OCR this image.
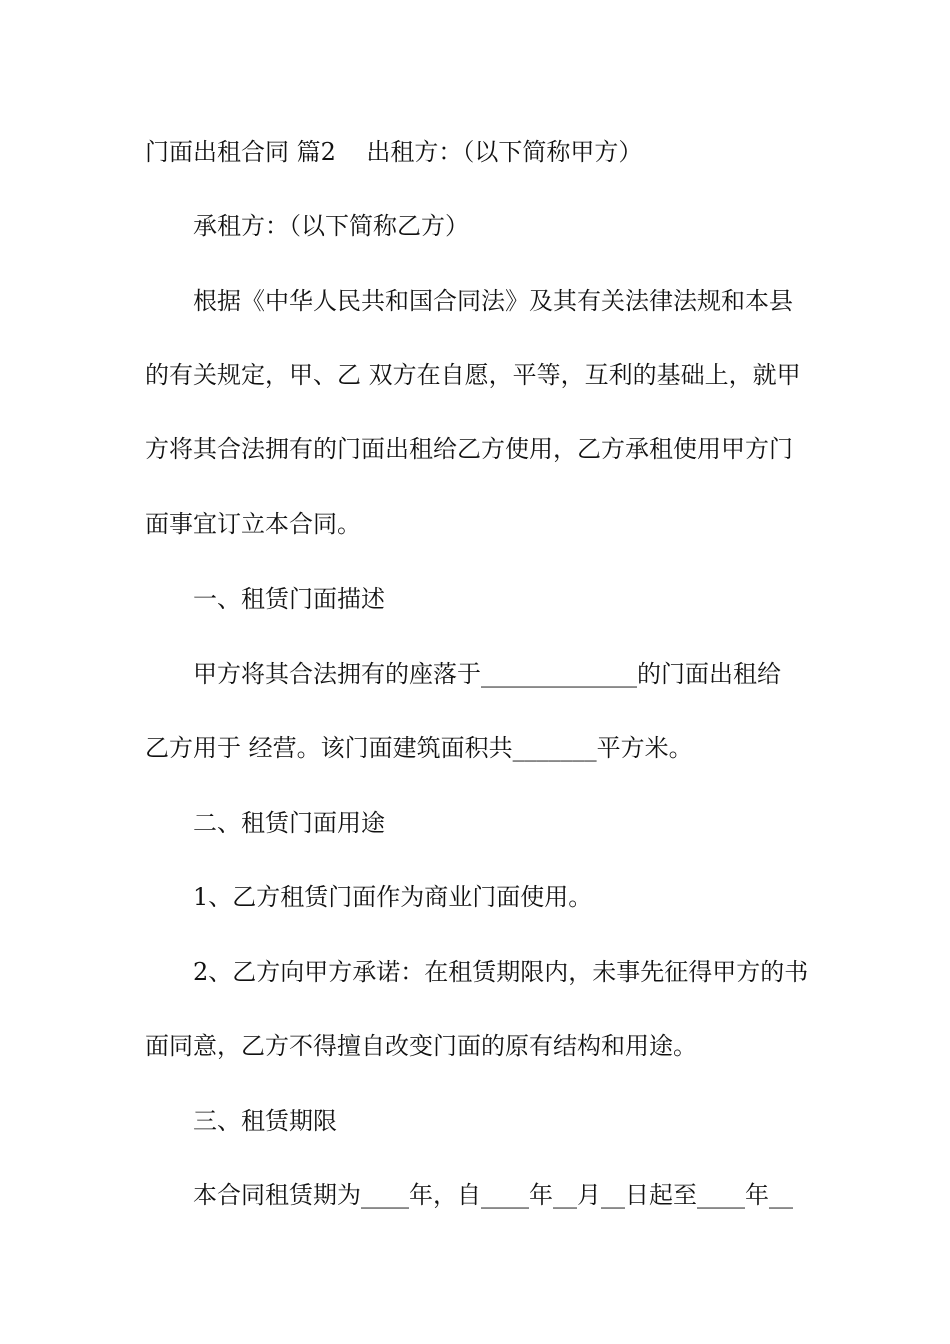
门面出租合同 篇2    出租方：（以下简称甲方）
承租方：（以下简称乙方）
根据《中华人民共和国合同法》及其有关法律法规和本县
的有关规定，甲、乙 双方在自愿，平等，互利的基础上，就甲
方将其合法拥有的门面出租给乙方使用，乙方承租使用甲方门
面事宜订立本合同。
一、租赁门面描述
甲方将其合法拥有的座落于_____________的门面出租给
乙方用于 经营。该门面建筑面积共_______平方米。
二、租赁门面用途
1、乙方租赁门面作为商业门面使用。
2、乙方向甲方承诺：在租赁期限内，未事先征得甲方的书
面同意，乙方不得擅自改变门面的原有结构和用途。
三、租赁期限
本合同租赁期为____年，自____年__月__日起至____年__
